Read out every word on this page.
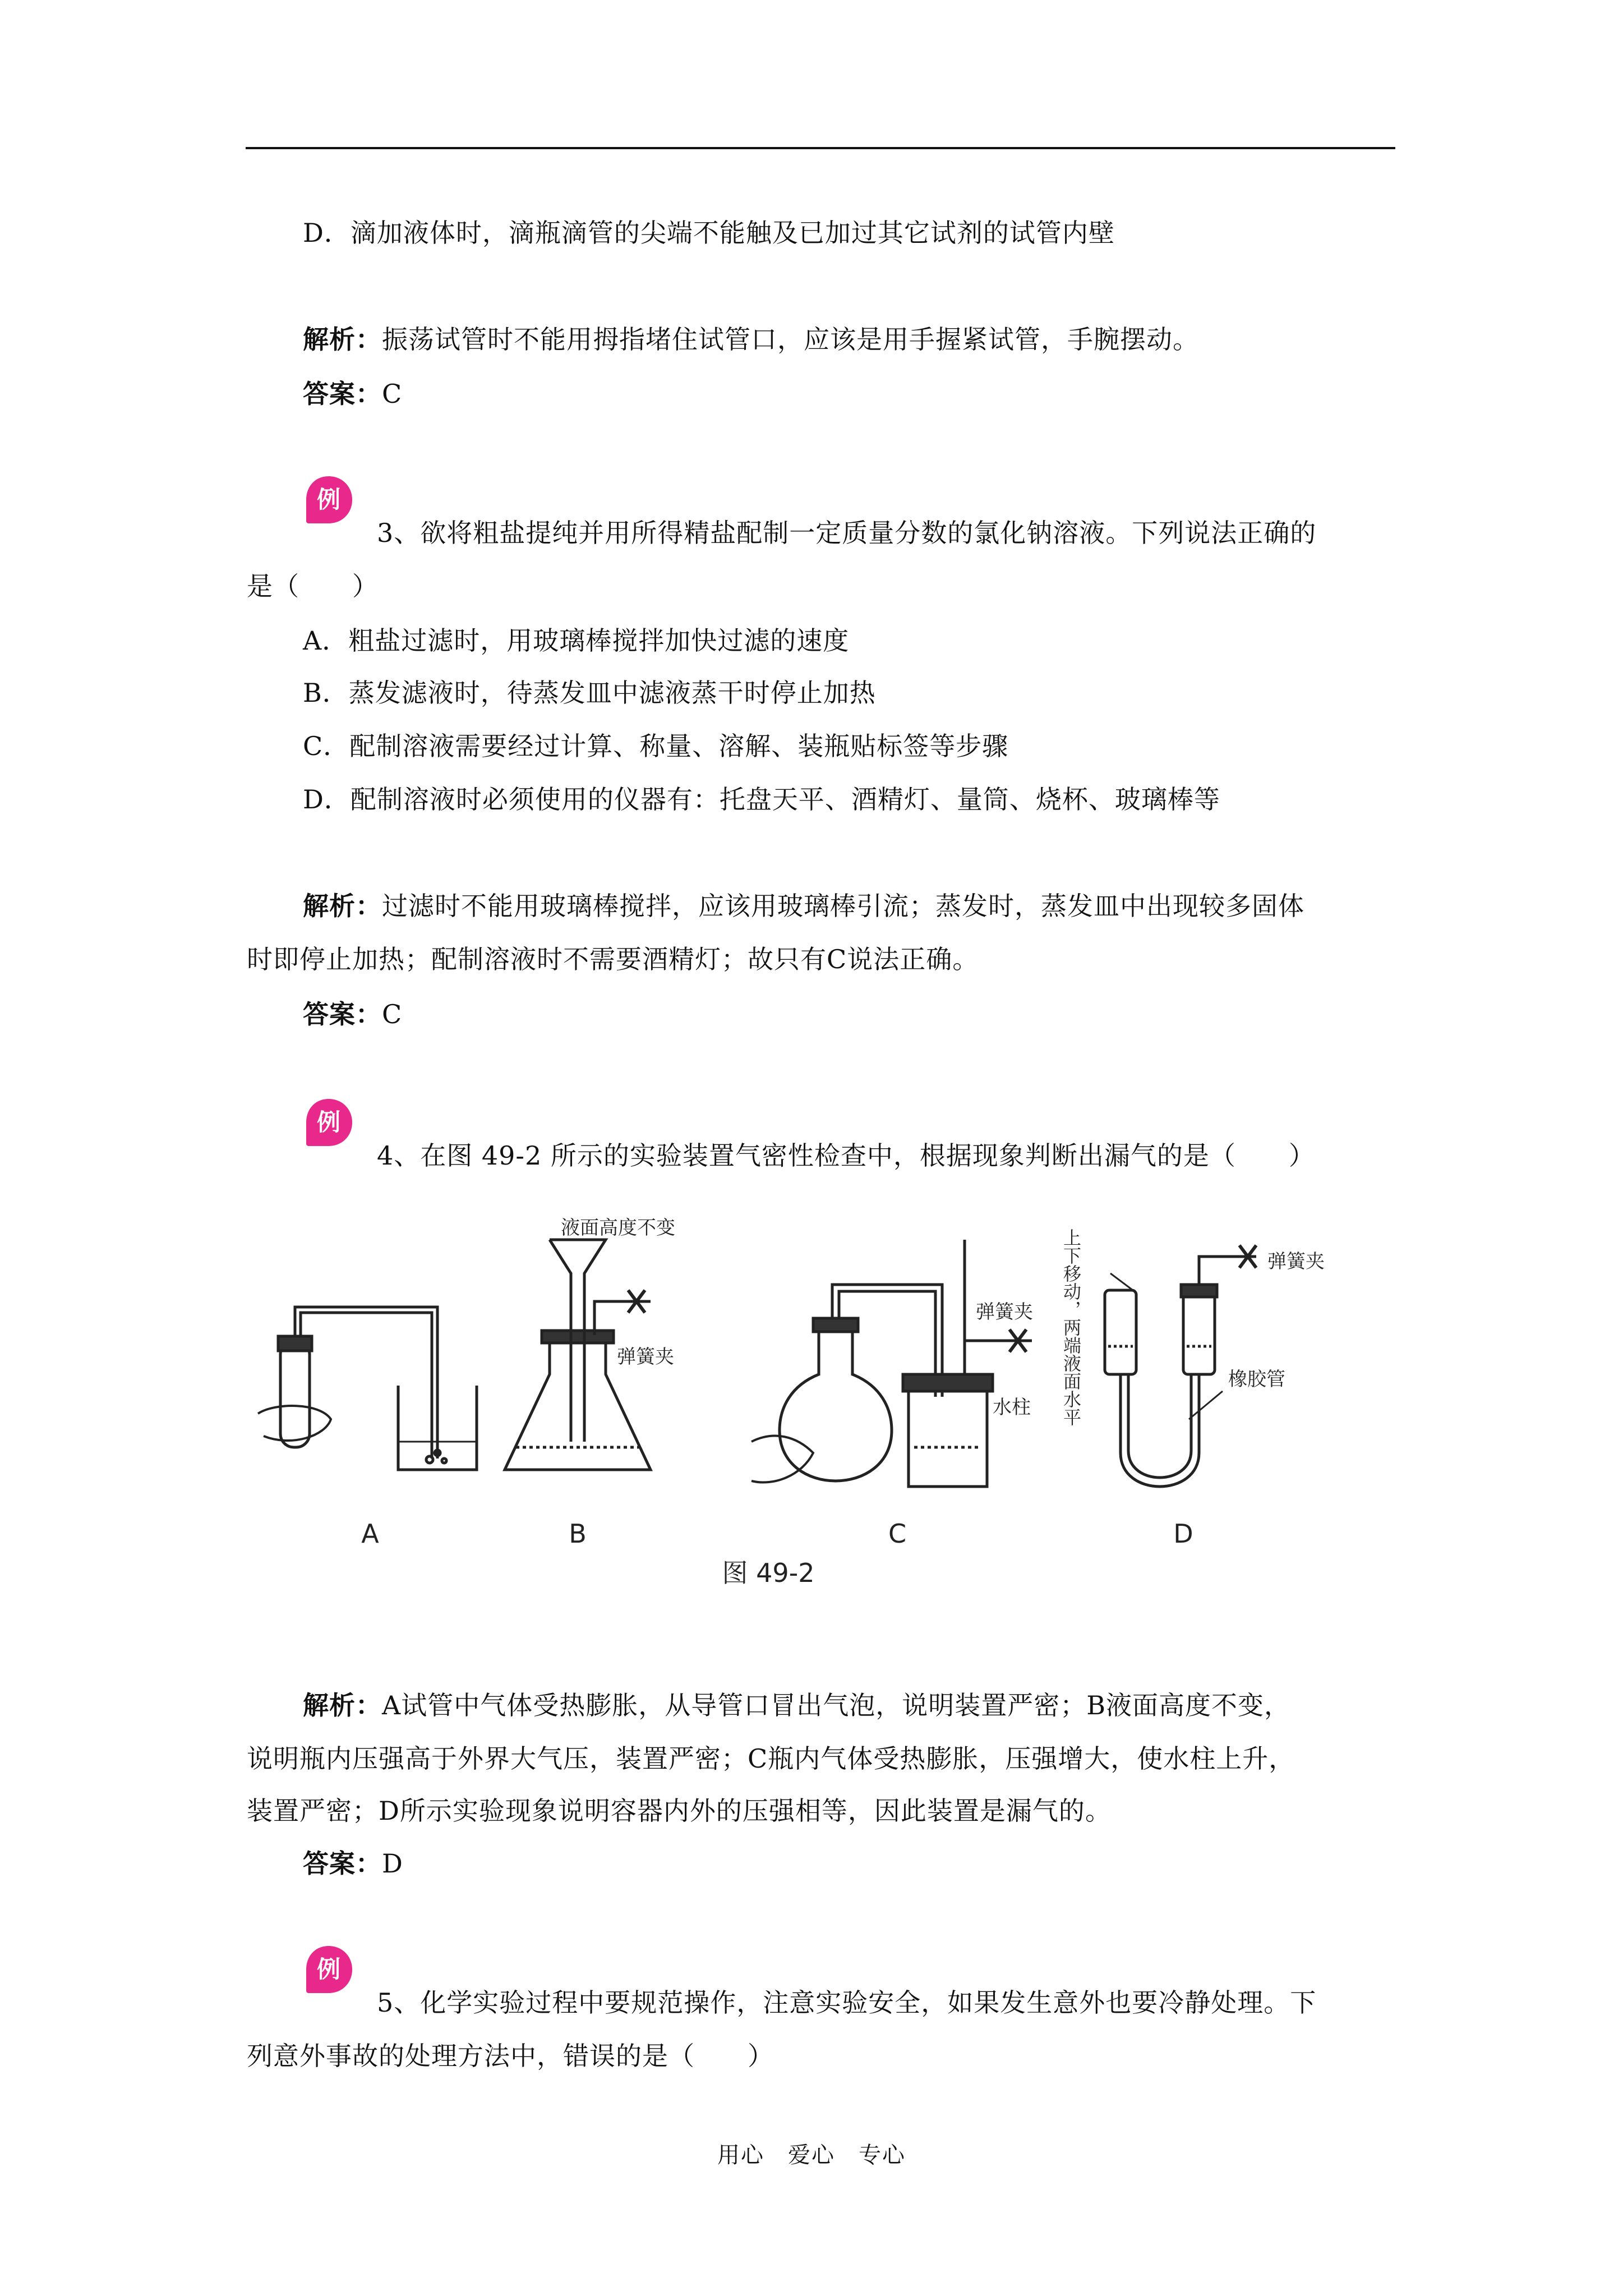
D．滴加液体时，滴瓶滴管的尖端不能触及已加过其它试剂的试管内壁
解析：振荡试管时不能用拇指堵住试管口，应该是用手握紧试管，手腕摆动。
答案：C
例
3、欲将粗盐提纯并用所得精盐配制一定质量分数的氯化钠溶液。下列说法正确的
是（　　）
A．粗盐过滤时，用玻璃棒搅拌加快过滤的速度
B．蒸发滤液时，待蒸发皿中滤液蒸干时停止加热
C．配制溶液需要经过计算、称量、溶解、装瓶贴标签等步骤
D．配制溶液时必须使用的仪器有：托盘天平、酒精灯、量筒、烧杯、玻璃棒等
解析：过滤时不能用玻璃棒搅拌，应该用玻璃棒引流；蒸发时，蒸发皿中出现较多固体
时即停止加热；配制溶液时不需要酒精灯；故只有C说法正确。
答案：C
例
4、在图 49-2 所示的实验装置气密性检查中，根据现象判断出漏气的是（　　）
液面高度不变
弹簧夹
弹簧夹
水柱
弹簧夹
橡胶管
上下移动，两端液面水平
A	B	C	D
图 49-2
解析：A试管中气体受热膨胀，从导管口冒出气泡，说明装置严密；B液面高度不变，
说明瓶内压强高于外界大气压，装置严密；C瓶内气体受热膨胀，压强增大，使水柱上升，
装置严密；D所示实验现象说明容器内外的压强相等，因此装置是漏气的。
答案：D
例
5、化学实验过程中要规范操作，注意实验安全，如果发生意外也要冷静处理。下
列意外事故的处理方法中，错误的是（　　）
用心　爱心　专心
